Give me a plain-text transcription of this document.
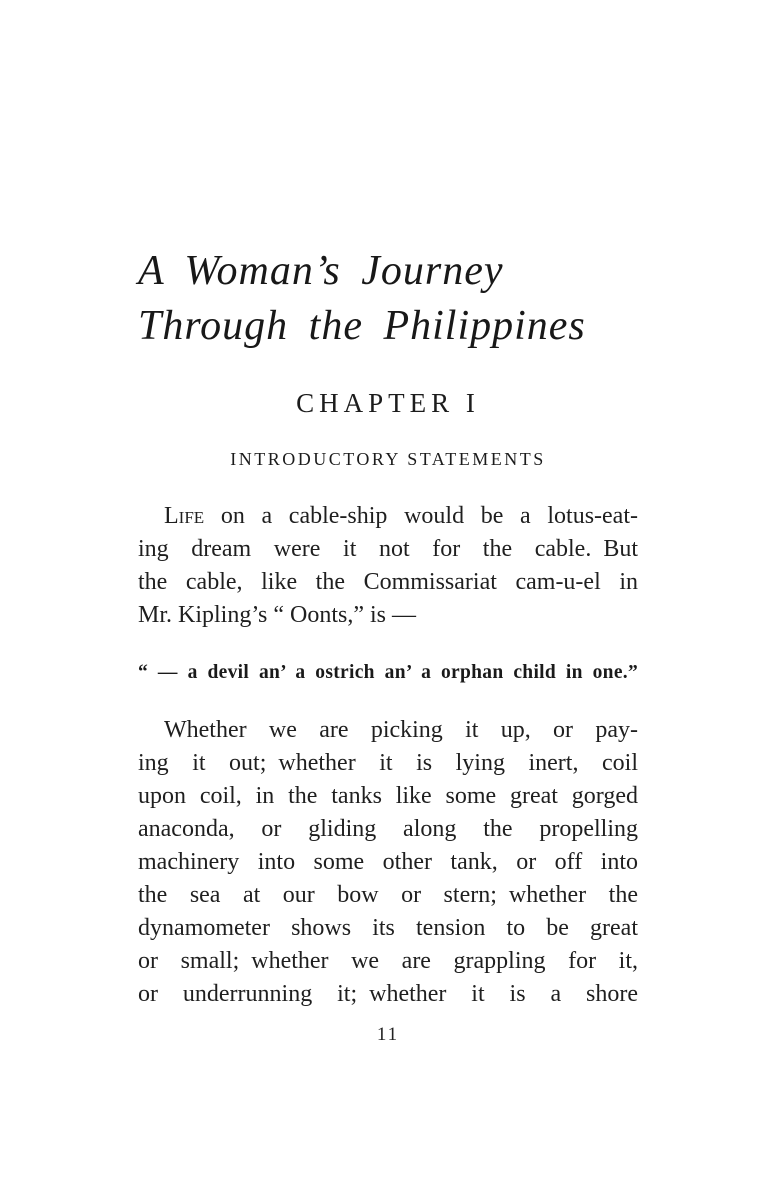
A Woman’s Journey
Through the Philippines
CHAPTER I
INTRODUCTORY STATEMENTS
Life on a cable-ship would be a lotus-eat-
ing dream were it not for the cable. But
the cable, like the Commissariat cam-u-el in
Mr. Kipling’s “ Oonts,” is —
“ — a devil an’ a ostrich an’ a orphan child in one.”
Whether we are picking it up, or pay-
ing it out; whether it is lying inert, coil
upon coil, in the tanks like some great gorged
anaconda, or gliding along the propelling
machinery into some other tank, or off into
the sea at our bow or stern; whether the
dynamometer shows its tension to be great
or small; whether we are grappling for it,
or underrunning it; whether it is a shore
11
